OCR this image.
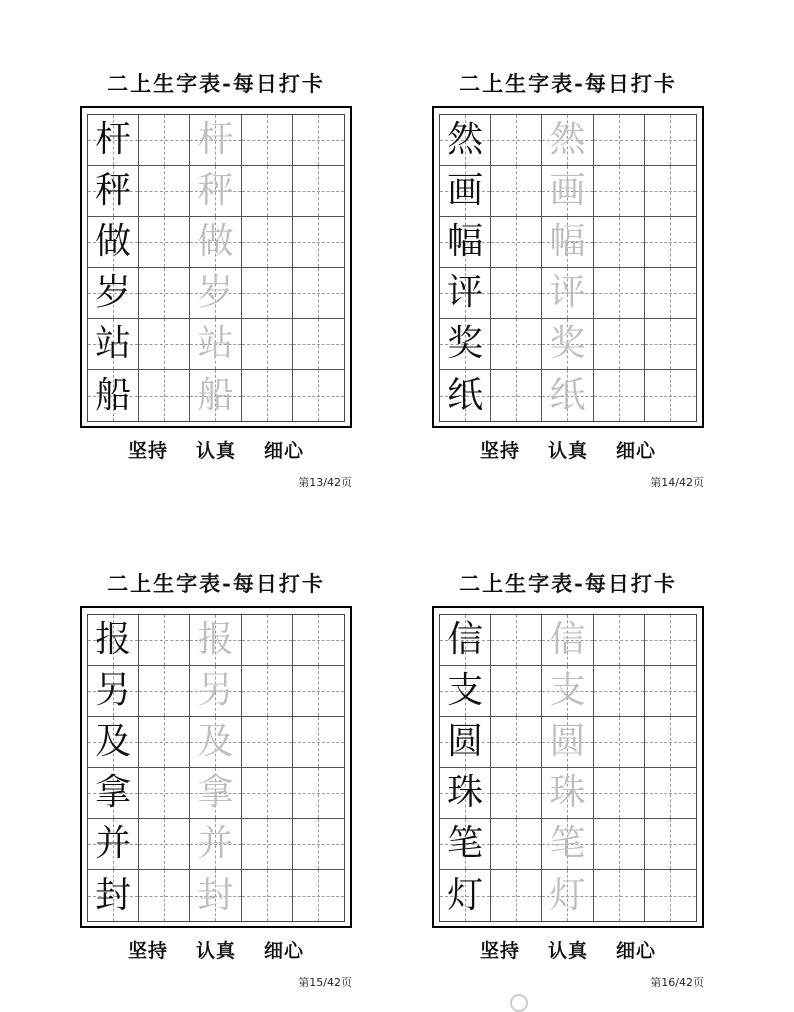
二上生字表-每日打卡
杆 杆
秤 秤
做 做
岁 岁
站 站
船 船
坚持 认真 细心
第13/42页
二上生字表-每日打卡
然 然
画 画
幅 幅
评 评
奖 奖
纸 纸
坚持 认真 细心
第14/42页
二上生字表-每日打卡
报 报
另 另
及 及
拿 拿
并 并
封 封
坚持 认真 细心
第15/42页
二上生字表-每日打卡
信 信
支 支
圆 圆
珠 珠
笔 笔
灯 灯
坚持 认真 细心
第16/42页
